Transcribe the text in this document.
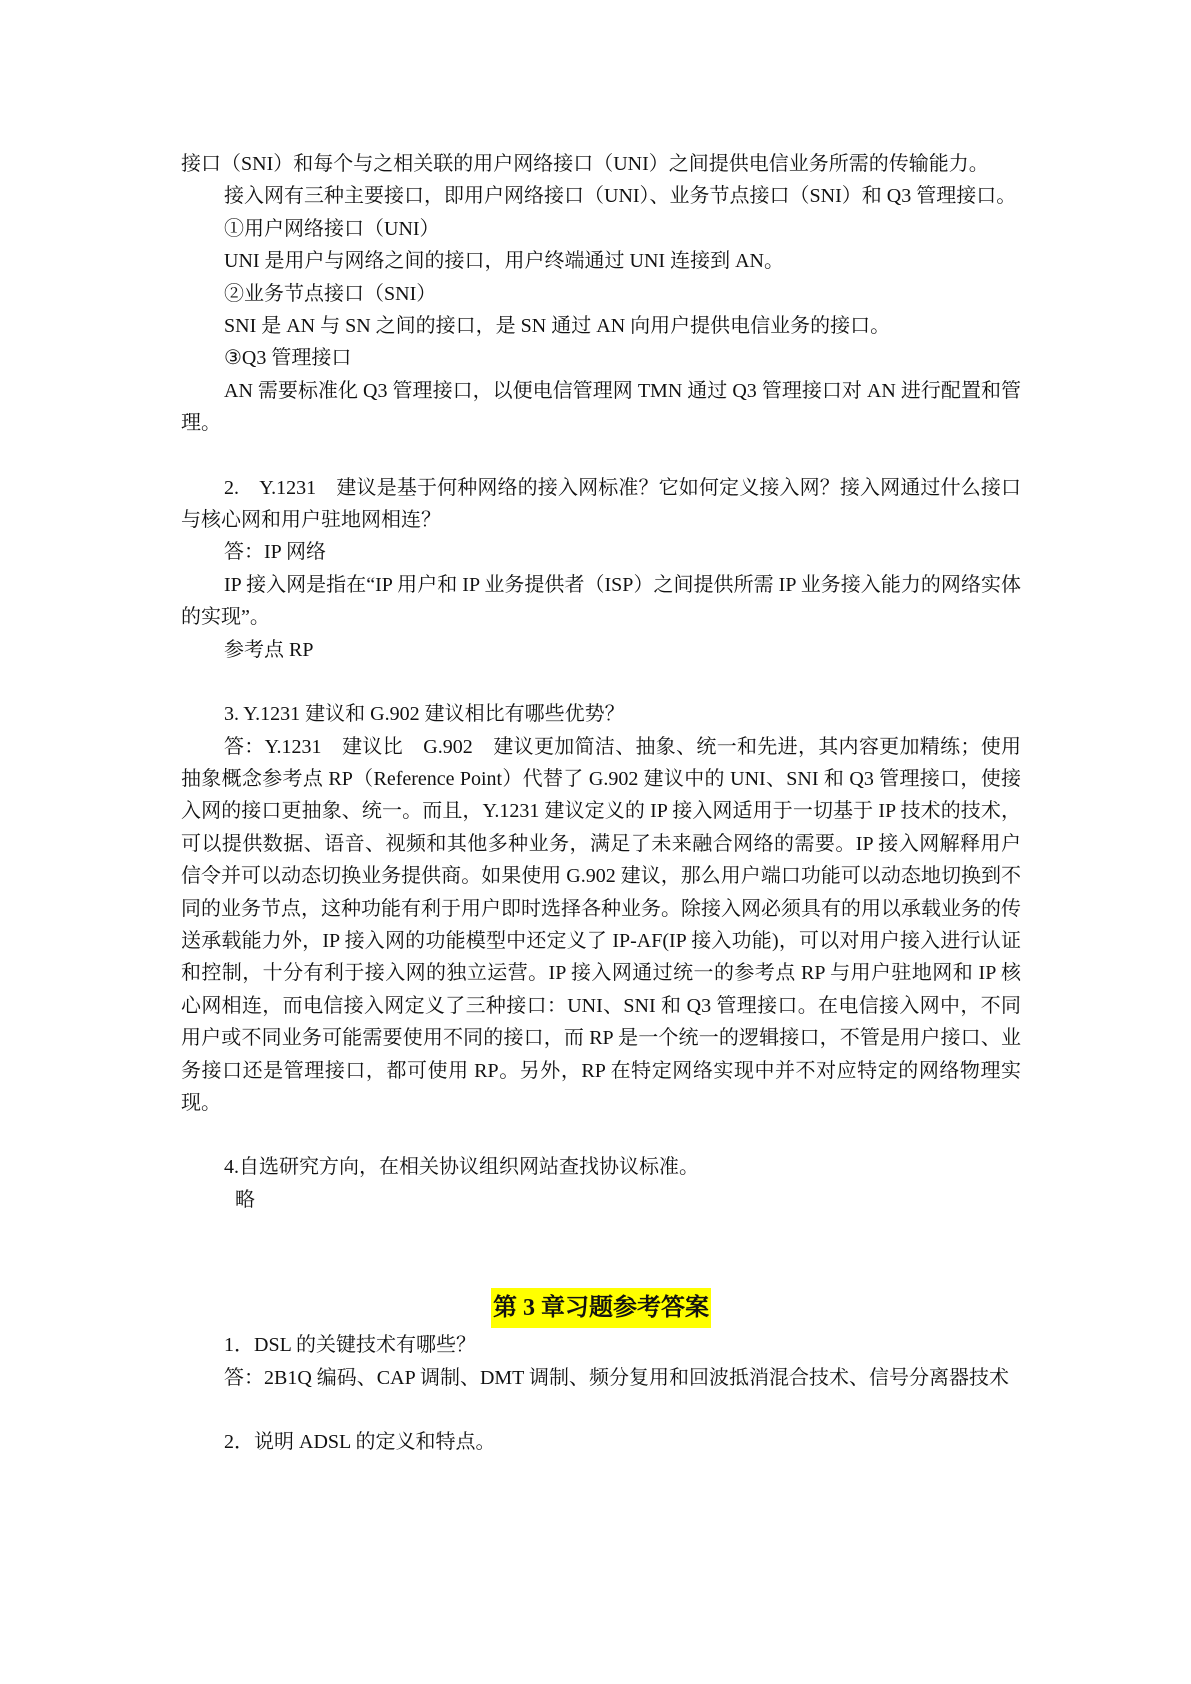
接口（SNI）和每个与之相关联的用户网络接口（UNI）之间提供电信业务所需的传输能力。

接入网有三种主要接口，即用户网络接口（UNI）、业务节点接口（SNI）和 Q3 管理接口。

①用户网络接口（UNI）

UNI 是用户与网络之间的接口，用户终端通过 UNI 连接到 AN。

②业务节点接口（SNI）

SNI 是 AN 与 SN 之间的接口，是 SN 通过 AN 向用户提供电信业务的接口。

③Q3 管理接口

AN 需要标准化 Q3 管理接口，以便电信管理网 TMN 通过 Q3 管理接口对 AN 进行配置和管理。

2.　Y.1231　建议是基于何种网络的接入网标准？它如何定义接入网？接入网通过什么接口与核心网和用户驻地网相连？

答：IP 网络

IP 接入网是指在“IP 用户和 IP 业务提供者（ISP）之间提供所需 IP 业务接入能力的网络实体的实现”。

参考点 RP

3. Y.1231 建议和 G.902 建议相比有哪些优势？

答：Y.1231　建议比　G.902　建议更加简洁、抽象、统一和先进，其内容更加精练；使用抽象概念参考点 RP（Reference Point）代替了 G.902 建议中的 UNI、SNI 和 Q3 管理接口，使接入网的接口更抽象、统一。而且，Y.1231 建议定义的 IP 接入网适用于一切基于 IP 技术的技术，可以提供数据、语音、视频和其他多种业务，满足了未来融合网络的需要。IP 接入网解释用户信令并可以动态切换业务提供商。如果使用 G.902 建议，那么用户端口功能可以动态地切换到不同的业务节点，这种功能有利于用户即时选择各种业务。除接入网必须具有的用以承载业务的传送承载能力外，IP 接入网的功能模型中还定义了 IP-AF(IP 接入功能)，可以对用户接入进行认证和控制，十分有利于接入网的独立运营。IP 接入网通过统一的参考点 RP 与用户驻地网和 IP 核心网相连，而电信接入网定义了三种接口：UNI、SNI 和 Q3 管理接口。在电信接入网中，不同用户或不同业务可能需要使用不同的接口，而 RP 是一个统一的逻辑接口，不管是用户接口、业务接口还是管理接口，都可使用 RP。另外，RP 在特定网络实现中并不对应特定的网络物理实现。

4.自选研究方向，在相关协议组织网站查找协议标准。

略

第 3 章习题参考答案

1．DSL 的关键技术有哪些？

答：2B1Q 编码、CAP 调制、DMT 调制、频分复用和回波抵消混合技术、信号分离器技术

2．说明 ADSL 的定义和特点。
